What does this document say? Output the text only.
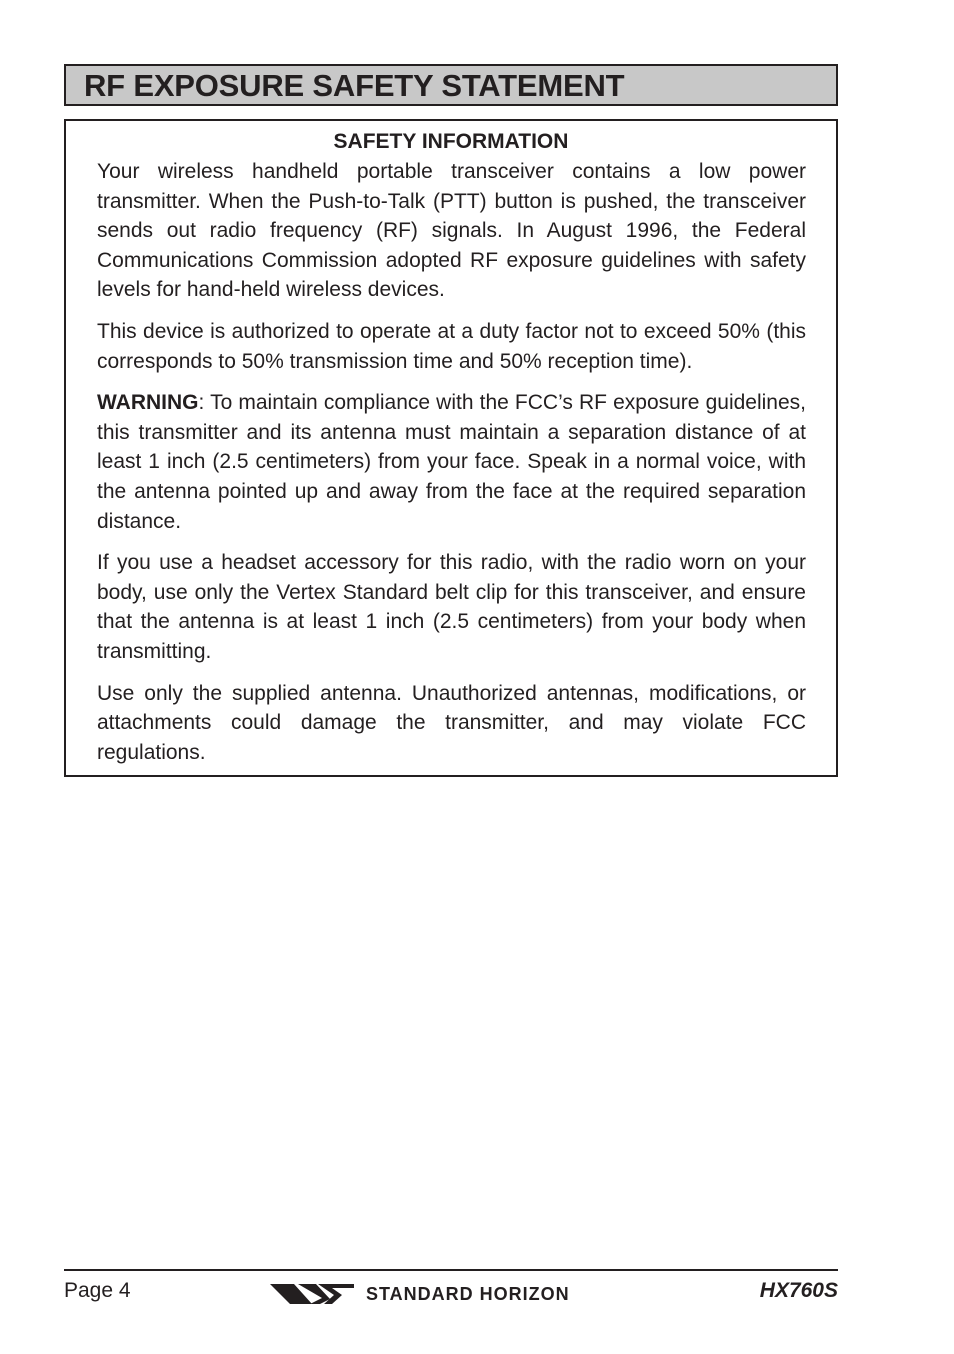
RF EXPOSURE SAFETY STATEMENT
SAFETY INFORMATION

Your wireless handheld portable transceiver contains a low power transmitter. When the Push-to-Talk (PTT) button is pushed, the transceiver sends out radio frequency (RF) signals. In August 1996, the Federal Communications Commission adopted RF exposure guidelines with safety levels for hand-held wireless devices.

This device is authorized to operate at a duty factor not to exceed 50% (this corresponds to 50% transmission time and 50% reception time).

WARNING: To maintain compliance with the FCC’s RF exposure guidelines, this transmitter and its antenna must maintain a separation distance of at least 1 inch (2.5 centimeters) from your face. Speak in a normal voice, with the antenna pointed up and away from the face at the required separation distance.

If you use a headset accessory for this radio, with the radio worn on your body, use only the Vertex Standard belt clip for this transceiver, and ensure that the antenna is at least 1 inch (2.5 centimeters) from your body when transmitting.

Use only the supplied antenna. Unauthorized antennas, modifications, or attachments could damage the transmitter, and may violate FCC regulations.

Page 4	STANDARD HORIZON	HX760S
